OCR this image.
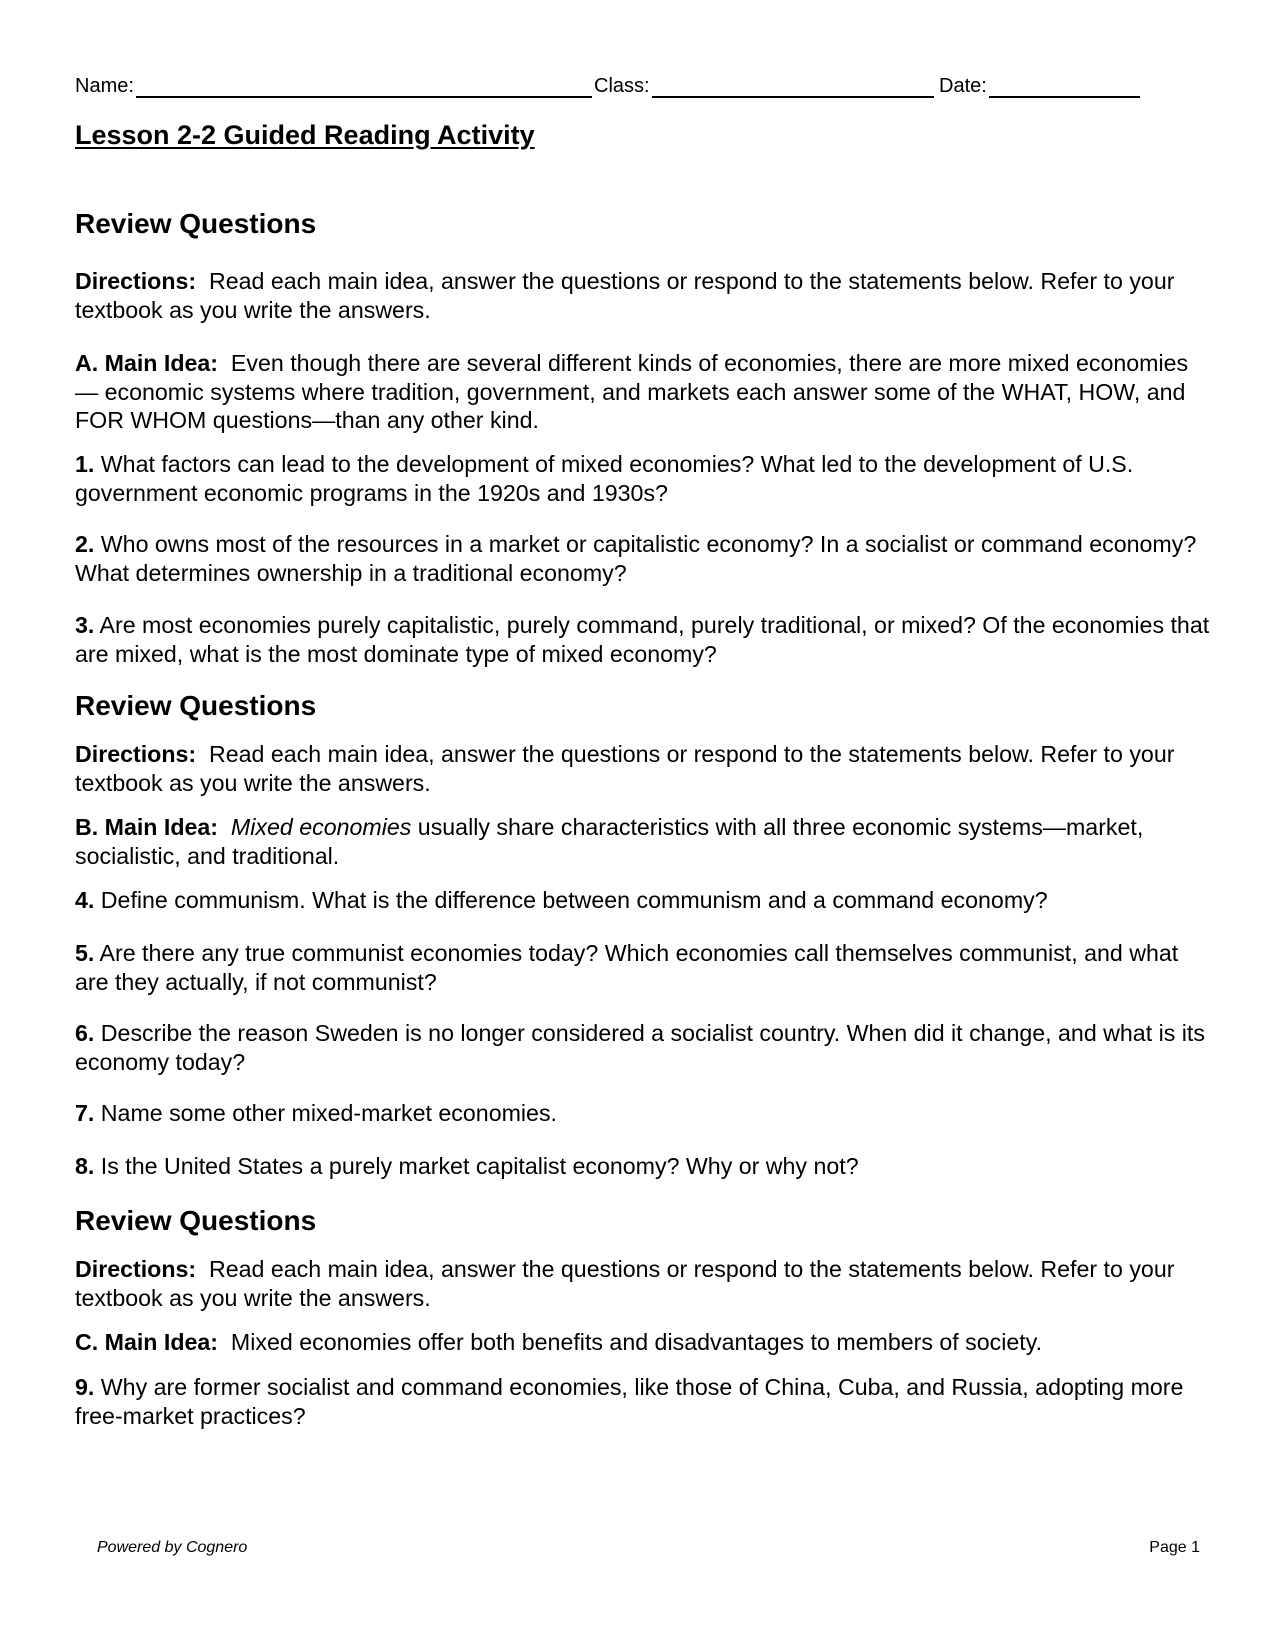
Name:	Class:	Date:
Lesson 2-2 Guided Reading Activity
Review Questions

Directions: Read each main idea, answer the questions or respond to the statements below. Refer to your textbook as you write the answers.

A. Main Idea: Even though there are several different kinds of economies, there are more mixed economies— economic systems where tradition, government, and markets each answer some of the WHAT, HOW, and FOR WHOM questions—than any other kind.

1. What factors can lead to the development of mixed economies? What led to the development of U.S. government economic programs in the 1920s and 1930s?

2. Who owns most of the resources in a market or capitalistic economy? In a socialist or command economy? What determines ownership in a traditional economy?

3. Are most economies purely capitalistic, purely command, purely traditional, or mixed? Of the economies that are mixed, what is the most dominate type of mixed economy?

Review Questions

Directions: Read each main idea, answer the questions or respond to the statements below. Refer to your textbook as you write the answers.

B. Main Idea: Mixed economies usually share characteristics with all three economic systems—market, socialistic, and traditional.

4. Define communism. What is the difference between communism and a command economy?

5. Are there any true communist economies today? Which economies call themselves communist, and what are they actually, if not communist?

6. Describe the reason Sweden is no longer considered a socialist country. When did it change, and what is its economy today?

7. Name some other mixed-market economies.

8. Is the United States a purely market capitalist economy? Why or why not?

Review Questions

Directions: Read each main idea, answer the questions or respond to the statements below. Refer to your textbook as you write the answers.

C. Main Idea: Mixed economies offer both benefits and disadvantages to members of society.

9. Why are former socialist and command economies, like those of China, Cuba, and Russia, adopting more free-market practices?

Powered by Cognero	Page 1
